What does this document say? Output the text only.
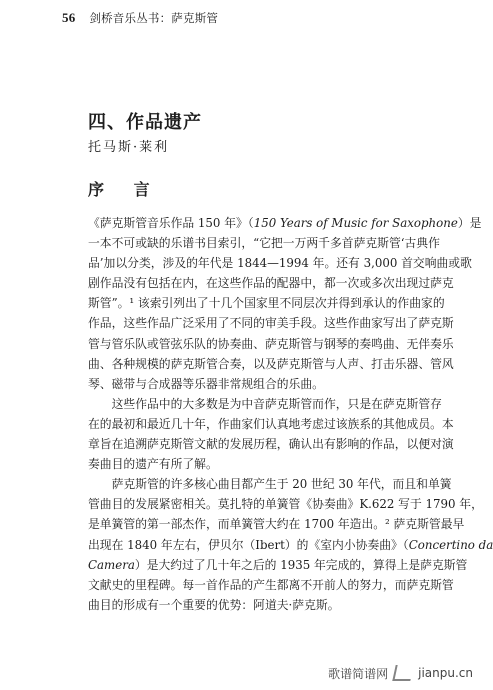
56 剑桥音乐丛书：萨克斯管
四、作品遗产
托马斯·莱利
序 言
《萨克斯管音乐作品 150 年》（150 Years of Music for Saxophone）是
一本不可或缺的乐谱书目索引，“它把一万两千多首萨克斯管‘古典作
品’加以分类，涉及的年代是 1844—1994 年。还有 3,000 首交响曲或歌
剧作品没有包括在内，在这些作品的配器中，都一次或多次出现过萨克
斯管”。¹ 该索引列出了十几个国家里不同层次并得到承认的作曲家的
作品，这些作品广泛采用了不同的审美手段。这些作曲家写出了萨克斯
管与管乐队或管弦乐队的协奏曲、萨克斯管与钢琴的奏鸣曲、无伴奏乐
曲、各种规模的萨克斯管合奏，以及萨克斯管与人声、打击乐器、管风
琴、磁带与合成器等乐器非常规组合的乐曲。
这些作品中的大多数是为中音萨克斯管而作，只是在萨克斯管存
在的最初和最近几十年，作曲家们认真地考虑过该族系的其他成员。本
章旨在追溯萨克斯管文献的发展历程，确认出有影响的作品，以便对演
奏曲目的遗产有所了解。
萨克斯管的许多核心曲目都产生于 20 世纪 30 年代，而且和单簧
管曲目的发展紧密相关。莫扎特的单簧管《协奏曲》K.622 写于 1790 年，
是单簧管的第一部杰作，而单簧管大约在 1700 年造出。² 萨克斯管最早
出现在 1840 年左右，伊贝尔（Ibert）的《室内小协奏曲》（Concertino da
Camera）是大约过了几十年之后的 1935 年完成的，算得上是萨克斯管
文献史的里程碑。每一首作品的产生都离不开前人的努力，而萨克斯管
曲目的形成有一个重要的优势：阿道夫·萨克斯。
歌谱简谱网	jianpu.cn
